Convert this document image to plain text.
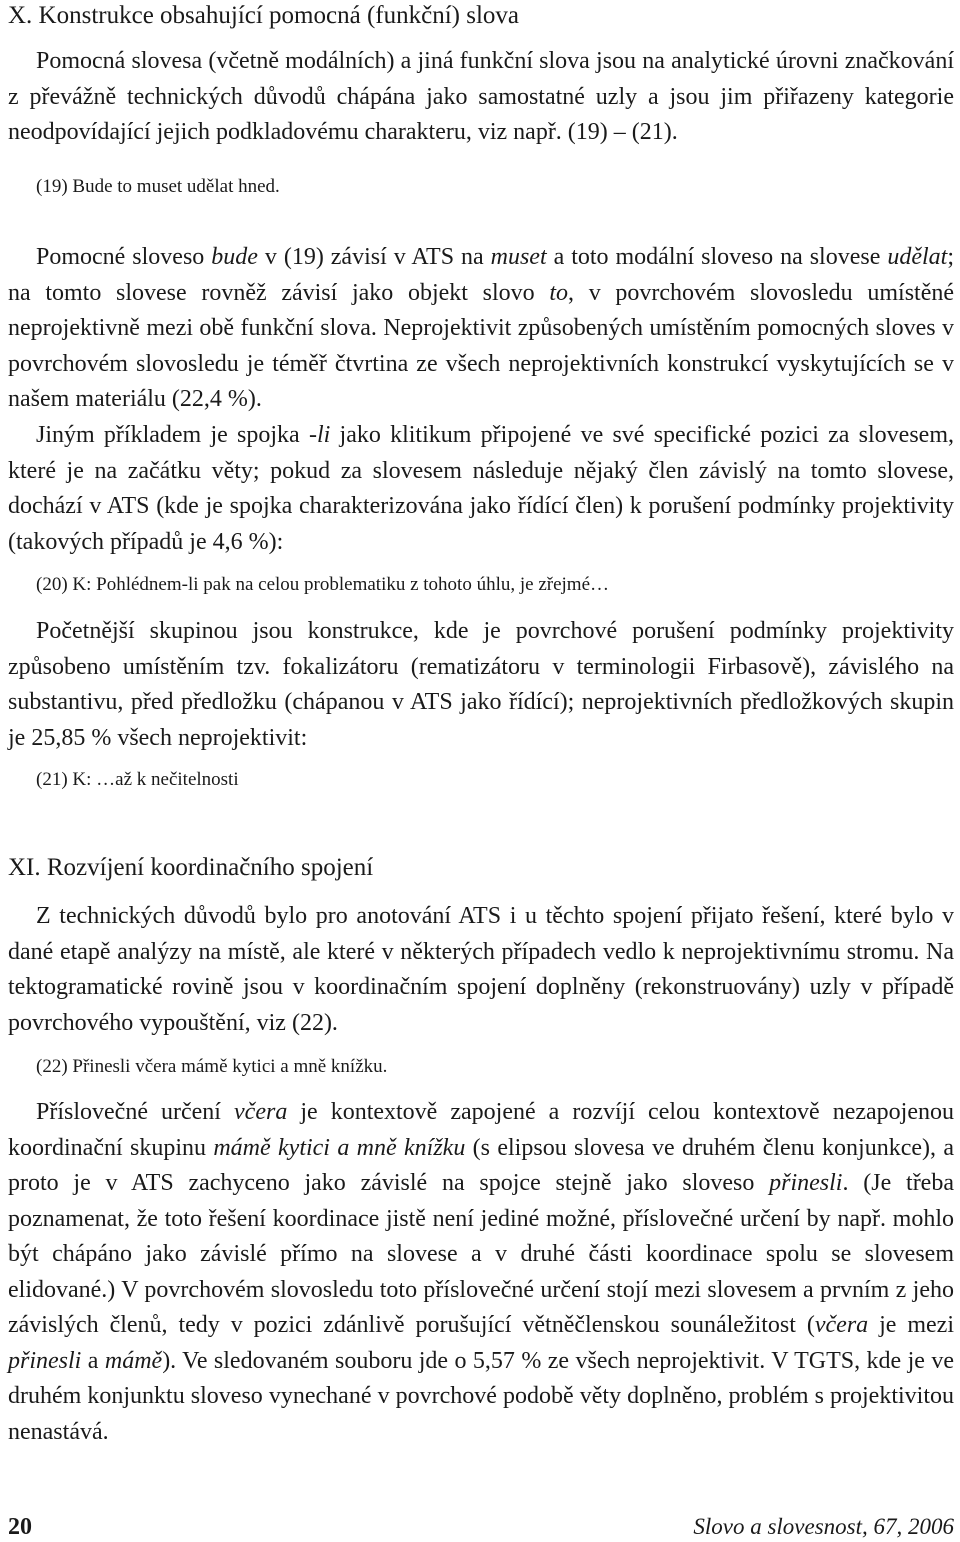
X. Konstrukce obsahující pomocná (funkční) slova

Pomocná slovesa (včetně modálních) a jiná funkční slova jsou na analytické úrovni značkování z převážně technických důvodů chápána jako samostatné uzly a jsou jim přiřazeny kategorie neodpovídající jejich podkladovému charakteru, viz např. (19) – (21).

(19) Bude to muset udělat hned.

Pomocné sloveso bude v (19) závisí v ATS na muset a toto modální sloveso na slovese udělat; na tomto slovese rovněž závisí jako objekt slovo to, v povrchovém slovosledu umístěné neprojektivně mezi obě funkční slova. Neprojektivit způsobených umístěním pomocných sloves v povrchovém slovosledu je téměř čtvrtina ze všech neprojektivních konstrukcí vyskytujících se v našem materiálu (22,4 %).

Jiným příkladem je spojka -li jako klitikum připojené ve své specifické pozici za slovesem, které je na začátku věty; pokud za slovesem následuje nějaký člen závislý na tomto slovese, dochází v ATS (kde je spojka charakterizována jako řídící člen) k porušení podmínky projektivity (takových případů je 4,6 %):

(20) K: Pohlédnem-li pak na celou problematiku z tohoto úhlu, je zřejmé…

Početnější skupinou jsou konstrukce, kde je povrchové porušení podmínky projektivity způsobeno umístěním tzv. fokalizátoru (rematizátoru v terminologii Firbasově), závislého na substantivu, před předložku (chápanou v ATS jako řídící); neprojektivních předložkových skupin je 25,85 % všech neprojektivit:

(21) K: …až k nečitelnosti

XI. Rozvíjení koordinačního spojení

Z technických důvodů bylo pro anotování ATS i u těchto spojení přijato řešení, které bylo v dané etapě analýzy na místě, ale které v některých případech vedlo k neprojektivnímu stromu. Na tektogramatické rovině jsou v koordinačním spojení doplněny (rekonstruovány) uzly v případě povrchového vypouštění, viz (22).

(22) Přinesli včera mámě kytici a mně knížku.

Příslovečné určení včera je kontextově zapojené a rozvíjí celou kontextově nezapojenou koordinační skupinu mámě kytici a mně knížku (s elipsou slovesa ve druhém členu konjunkce), a proto je v ATS zachyceno jako závislé na spojce stejně jako sloveso přinesli. (Je třeba poznamenat, že toto řešení koordinace jistě není jediné možné, příslovečné určení by např. mohlo být chápáno jako závislé přímo na slovese a v druhé části koordinace spolu se slovesem elidované.) V povrchovém slovosledu toto příslovečné určení stojí mezi slovesem a prvním z jeho závislých členů, tedy v pozici zdánlivě porušující větněčlenskou sounáležitost (včera je mezi přinesli a mámě). Ve sledovaném souboru jde o 5,57 % ze všech neprojektivit. V TGTS, kde je ve druhém konjunktu sloveso vynechané v povrchové podobě věty doplněno, problém s projektivitou nenastává.

20	Slovo a slovesnost, 67, 2006
